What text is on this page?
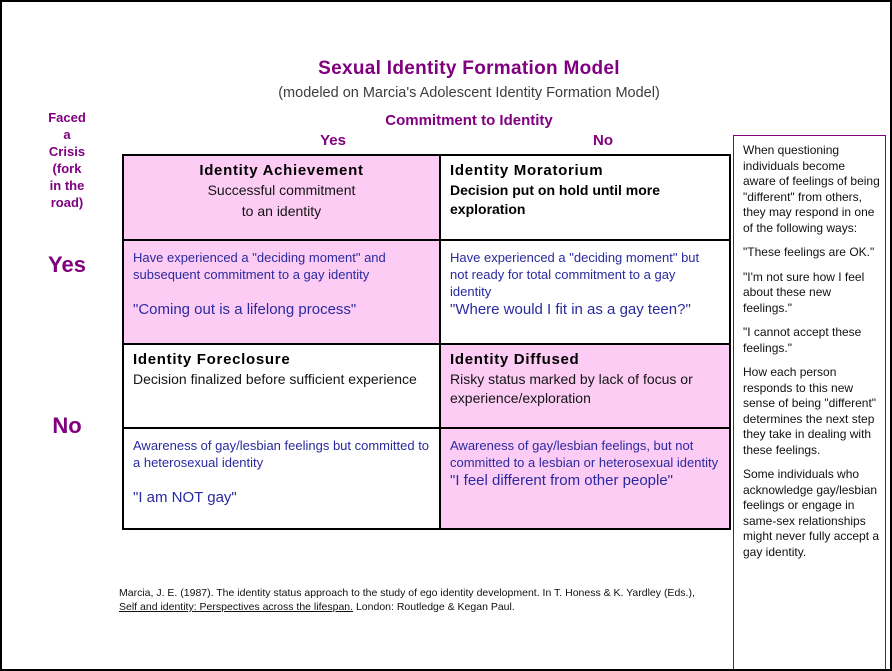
Sexual Identity Formation Model
(modeled on Marcia's Adolescent Identity Formation Model)
Commitment to Identity
Yes	No
Faced
a
Crisis
(fork
in the
road)
Yes
No
Identity Achievement
Successful commitment
to an identity
Identity Moratorium
Decision put on hold until more exploration
Have experienced a "deciding moment" and subsequent commitment to a gay identity
"Coming out is a lifelong process"
Have experienced a "deciding moment" but not ready for total commitment to a gay identity
"Where would I fit in as a gay teen?"
Identity Foreclosure
Decision finalized before sufficient experience
Identity Diffused
Risky status marked by lack of focus or experience/exploration
Awareness of gay/lesbian feelings but committed to a heterosexual identity
"I am NOT gay"
Awareness of gay/lesbian feelings, but not committed to a lesbian or heterosexual identity
"I feel different from other people"

When questioning individuals become aware of feelings of being "different" from others, they may respond in one of the following ways:

"These feelings are OK."

"I'm not sure how I feel about these new feelings."

"I cannot accept these feelings."

How each person responds to this new sense of being "different" determines the next step they take in dealing with these feelings.

Some individuals who acknowledge gay/lesbian feelings or engage in same-sex relationships might never fully accept a gay identity.

Marcia, J. E. (1987). The identity status approach to the study of ego identity development. In T. Honess & K. Yardley (Eds.), Self and identity: Perspectives across the lifespan. London: Routledge & Kegan Paul.
